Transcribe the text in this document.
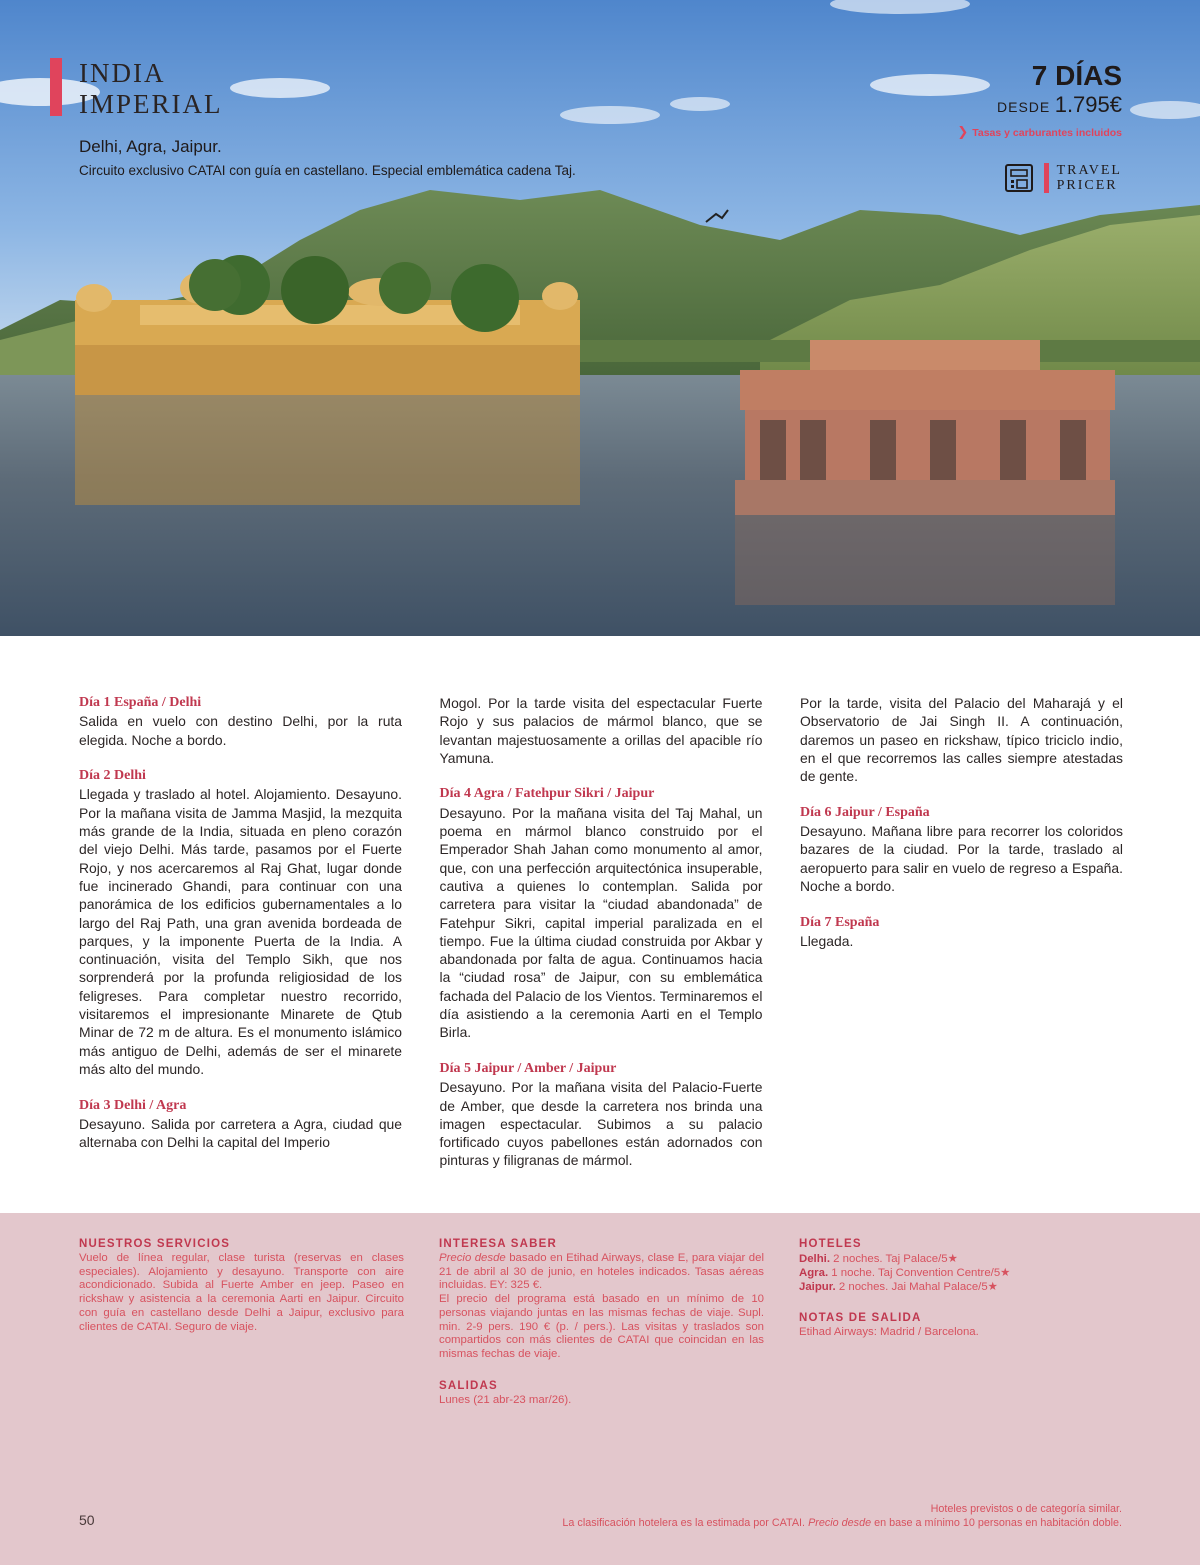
INDIA
IMPERIAL
Delhi, Agra, Jaipur.
Circuito exclusivo CATAI con guía en castellano. Especial emblemática cadena Taj.
7 DÍAS
DESDE 1.795€
❯ Tasas y carburantes incluidos
TRAVEL
PRICER
Día 1 España / Delhi
Salida en vuelo con destino Delhi, por la ruta elegida. Noche a bordo.
Día 2 Delhi
Llegada y traslado al hotel. Alojamiento. Desayuno. Por la mañana visita de Jamma Masjid, la mezquita más grande de la India, situada en pleno corazón del viejo Delhi. Más tarde, pasamos por el Fuerte Rojo, y nos acercaremos al Raj Ghat, lugar donde fue incinerado Ghandi, para continuar con una panorámica de los edificios gubernamentales a lo largo del Raj Path, una gran avenida bordeada de parques, y la imponente Puerta de la India. A continuación, visita del Templo Sikh, que nos sorprenderá por la profunda religiosidad de los feligreses. Para completar nuestro recorrido, visitaremos el impresionante Minarete de Qtub Minar de 72 m de altura. Es el monumento islámico más antiguo de Delhi, además de ser el minarete más alto del mundo.
Día 3 Delhi / Agra
Desayuno. Salida por carretera a Agra, ciudad que alternaba con Delhi la capital del Imperio
Mogol. Por la tarde visita del espectacular Fuerte Rojo y sus palacios de mármol blanco, que se levantan majestuosamente a orillas del apacible río Yamuna.
Día 4 Agra / Fatehpur Sikri / Jaipur
Desayuno. Por la mañana visita del Taj Mahal, un poema en mármol blanco construido por el Emperador Shah Jahan como monumento al amor, que, con una perfección arquitectónica insuperable, cautiva a quienes lo contemplan. Salida por carretera para visitar la “ciudad abandonada” de Fatehpur Sikri, capital imperial paralizada en el tiempo. Fue la última ciudad construida por Akbar y abandonada por falta de agua. Continuamos hacia la “ciudad rosa” de Jaipur, con su emblemática fachada del Palacio de los Vientos. Terminaremos el día asistiendo a la ceremonia Aarti en el Templo Birla.
Día 5 Jaipur / Amber / Jaipur
Desayuno. Por la mañana visita del Palacio-Fuerte de Amber, que desde la carretera nos brinda una imagen espectacular. Subimos a su palacio fortificado cuyos pabellones están adornados con pinturas y filigranas de mármol.
Por la tarde, visita del Palacio del Maharajá y el Observatorio de Jai Singh II. A continuación, daremos un paseo en rickshaw, típico triciclo indio, en el que recorremos las calles siempre atestadas de gente.
Día 6 Jaipur / España
Desayuno. Mañana libre para recorrer los coloridos bazares de la ciudad. Por la tarde, traslado al aeropuerto para salir en vuelo de regreso a España. Noche a bordo.
Día 7 España
Llegada.
NUESTROS SERVICIOS
Vuelo de línea regular, clase turista (reservas en clases especiales). Alojamiento y desayuno. Transporte con aire acondicionado. Subida al Fuerte Amber en jeep. Paseo en rickshaw y asistencia a la ceremonia Aarti en Jaipur. Circuito con guía en castellano desde Delhi a Jaipur, exclusivo para clientes de CATAI. Seguro de viaje.
INTERESA SABER
Precio desde basado en Etihad Airways, clase E, para viajar del 21 de abril al 30 de junio, en hoteles indicados. Tasas aéreas incluidas. EY: 325 €.
El precio del programa está basado en un mínimo de 10 personas viajando juntas en las mismas fechas de viaje. Supl. min. 2-9 pers. 190 € (p. / pers.). Las visitas y traslados son compartidos con más clientes de CATAI que coincidan en las mismas fechas de viaje.
SALIDAS
Lunes (21 abr-23 mar/26).
HOTELES
Delhi. 2 noches. Taj Palace/5★
Agra. 1 noche. Taj Convention Centre/5★
Jaipur. 2 noches. Jai Mahal Palace/5★
NOTAS DE SALIDA
Etihad Airways: Madrid / Barcelona.
50
Hoteles previstos o de categoría similar.
La clasificación hotelera es la estimada por CATAI. Precio desde en base a mínimo 10 personas en habitación doble.
